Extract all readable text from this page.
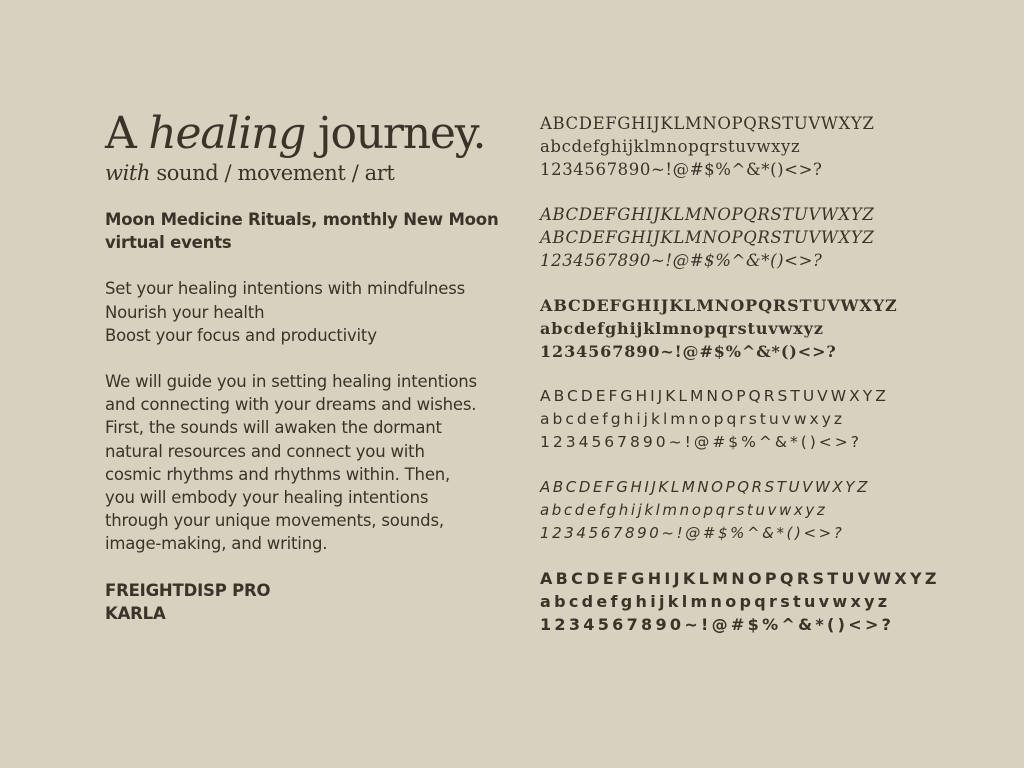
A healing journey.

with sound / movement / art

Moon Medicine Rituals, monthly New Moon
virtual events
Set your healing intentions with mindfulness
Nourish your health
Boost your focus and productivity
We will guide you in setting healing intentions
and connecting with your dreams and wishes.
First, the sounds will awaken the dormant
natural resources and connect you with
cosmic rhythms and rhythms within. Then,
you will embody your healing intentions
through your unique movements, sounds,
image-making, and writing.
FREIGHTDISP PRO
KARLA
ABCDEFGHIJKLMNOPQRSTUVWXYZ
abcdefghijklmnopqrstuvwxyz
1234567890~!@#$%^&*()<>?
ABCDEFGHIJKLMNOPQRSTUVWXYZ
ABCDEFGHIJKLMNOPQRSTUVWXYZ
1234567890~!@#$%^&*()<>?
ABCDEFGHIJKLMNOPQRSTUVWXYZ
abcdefghijklmnopqrstuvwxyz
1234567890~!@#$%^&*()<>?
ABCDEFGHIJKLMNOPQRSTUVWXYZ
abcdefghijklmnopqrstuvwxyz
1234567890~!@#$%^&*()<>?
ABCDEFGHIJKLMNOPQRSTUVWXYZ
abcdefghijklmnopqrstuvwxyz
1234567890~!@#$%^&*()<>?
ABCDEFGHIJKLMNOPQRSTUVWXYZ
abcdefghijklmnopqrstuvwxyz
1234567890~!@#$%^&*()<>?
